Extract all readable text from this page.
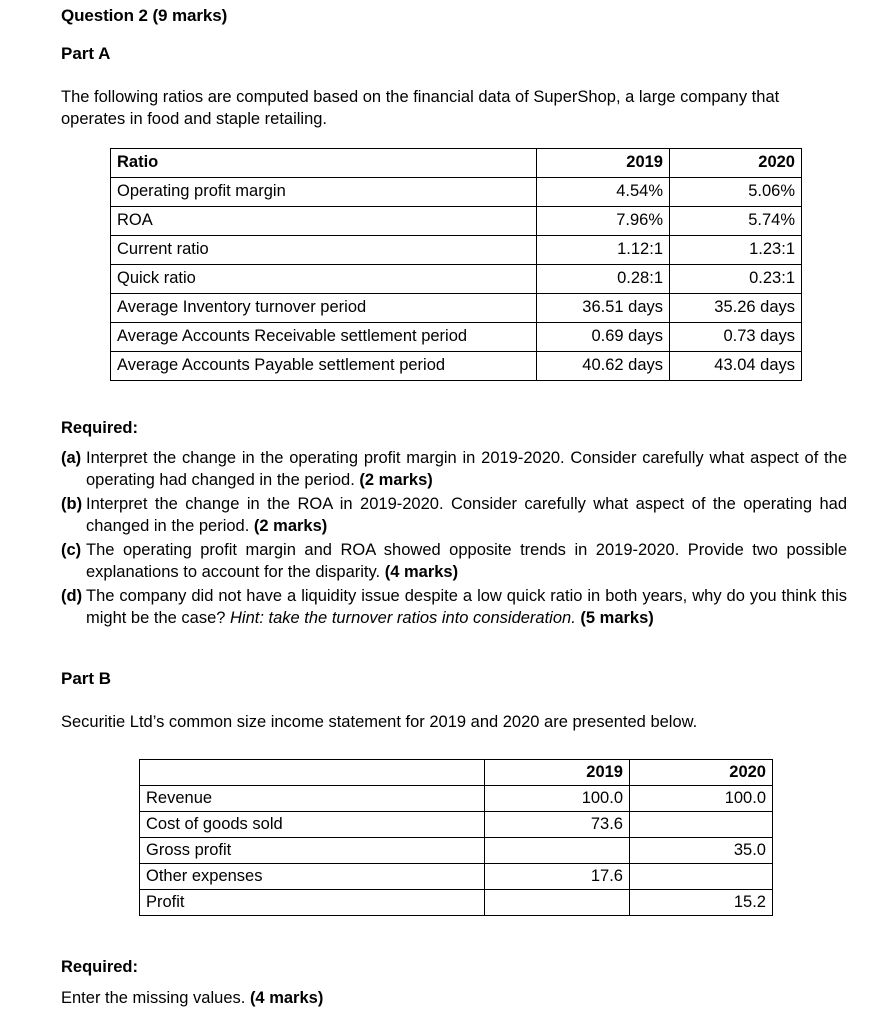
Question 2 (9 marks)
Part A

The following ratios are computed based on the financial data of SuperShop, a large company that operates in food and staple retailing.

Ratio	2019	2020
Operating profit margin	4.54%	5.06%
ROA	7.96%	5.74%
Current ratio	1.12:1	1.23:1
Quick ratio	0.28:1	0.23:1
Average Inventory turnover period	36.51 days	35.26 days
Average Accounts Receivable settlement period	0.69 days	0.73 days
Average Accounts Payable settlement period	40.62 days	43.04 days
Required:
(a) Interpret the change in the operating profit margin in 2019-2020. Consider carefully what aspect of the operating had changed in the period. (2 marks)
(b) Interpret the change in the ROA in 2019-2020. Consider carefully what aspect of the operating had changed in the period. (2 marks)
(c) The operating profit margin and ROA showed opposite trends in 2019-2020. Provide two possible explanations to account for the disparity. (4 marks)
(d) The company did not have a liquidity issue despite a low quick ratio in both years, why do you think this might be the case? Hint: take the turnover ratios into consideration. (5 marks)
Part B

Securitie Ltd’s common size income statement for 2019 and 2020 are presented below.

	2019	2020
Revenue	100.0	100.0
Cost of goods sold	73.6	
Gross profit		35.0
Other expenses	17.6	
Profit		15.2
Required:

Enter the missing values. (4 marks)
